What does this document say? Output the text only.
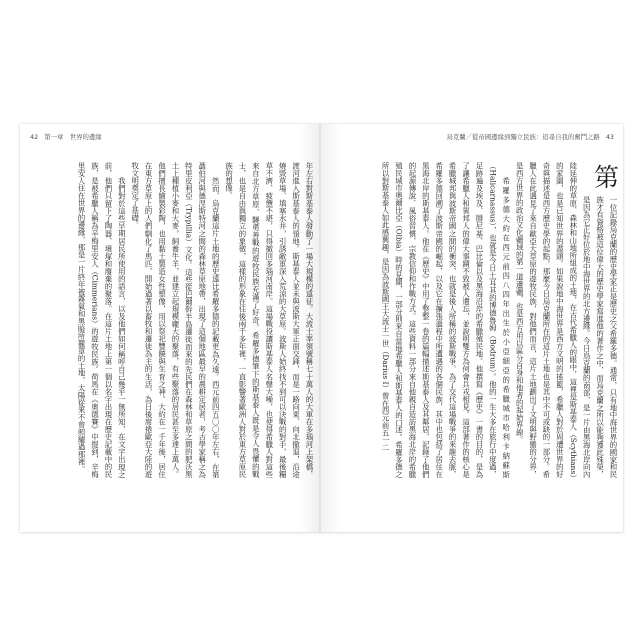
42 第一章　世界的邊緣	烏克蘭／從帝國邊緣到獨立民族：追尋自我的奮鬥之路 43

第
一位記錄烏克蘭的歷史學家正是歷史之父希羅多德。通常，只有地中海世界的國家和民族才有資格被這位偉大的歷史學家寫進他的著作之中，而烏克蘭之所以能夠獲此殊榮，是因為它正好位於地中海世界的北方邊緣。今日烏克蘭的南部，是一片由黑海北岸向內陸延伸的草原、森林和山地所組成的土地，在古代希臘人的眼中，這裡是斯基泰人（Scythians）的家園，也是已知世界的盡頭。如果說地中海世界是西方文明的搖籃，希臘人對於周遭世界的好奇與描述是西方歷史學的起點，那麼今日烏克蘭所在的這片土地也是其中不可或缺的一部分。希臘人在此遇見了來自歐亞大草原的遊牧民族，對他們而言，這片土地劃出了文明與野蠻的分界，是西方世界的政治文化疆域的第一道邊疆，也是西方用以區分自身和他者的起始界線。

希羅多德大約在西元前四八四年出生於小亞細亞的希臘城市哈利卡納蘇斯（Halicarnassus），也就是今日土耳其的博德魯姆（Bodrum）。他的一生大多在旅行中度過，足跡遍及埃及、腓尼基、巴比倫以及黑海沿岸的希臘殖民地。他撰寫《歷史》一書的目的，是為了讓希臘人和異邦人的偉大事蹟不致被人遺忘，並說明雙方為何會兵戎相見。這部著作的核心是希臘城邦與波斯帝國之間的衝突，也就是後人所稱的波斯戰爭。為了交代這場戰爭的來龍去脈，希羅多德回溯了波斯帝國的崛起，以及它在擴張過程中所遭遇的各個民族，其中也包括了居住在黑海北岸的斯基泰人。他在《歷史》中用了整整一卷的篇幅描述斯基泰人及其鄰居，記錄了他們的起源傳說、風俗習慣、宗教信仰和作戰方式。這些資料一部分來自他親自造訪黑海北岸的希臘殖民城市奧爾比亞（Olbia）時的見聞，一部分則來自當地希臘人和斯基泰人的口述。希羅多德之所以對斯基泰人如此感興趣，是因為波斯國王大流士一世（Darius I）曾在西元前五一二

年左右對斯基泰人發動了一場大規模的遠征。大流士率領號稱七十萬人的大軍在多瑙河上架橋，渡河進入斯基泰人的領地。斯基泰人並未與波斯大軍正面交鋒，而是一路向東、向北撤退，沿途燒毀草場、填塞水井，引誘敵軍深入荒涼的大草原。波斯人始終找不到可以決戰的對手，最後糧草不濟、疲憊不堪，只得撤回多瑙河南岸。這場戰役讓斯基泰人名聲大噪，也使得希臘人對這些來自北方草原、驍勇善戰的遊牧民族充滿了好奇。希羅多德筆下的斯基泰人既是令人畏懼的戰士，也是自由與獨立的象徵，這樣的形象在往後兩千多年裡，一直影響著歐洲人對於東方草原民族的想像。

然而，烏克蘭這片土地的歷史遠比希羅多德的記載更為久遠。西元前四五〇〇年左右，在第聶伯河與德涅斯特河之間的森林草原地帶，出現了這個地區最早的農耕定居者，考古學家稱之為特里皮利亞（Trypillia）文化。這些從巴爾幹半島遷徙而來的先民們在森林和草原之間的肥沃黑土上種植小麥和大麥，飼養牛羊，並建立起規模龐大的聚落，有些聚落的居民甚至多達上萬人。他們擅長繪製彩陶，也用黏土製造女性塑像，用以祭祀豐饒與生育之神。大約在一千年後，居住在東方草原上的人們馴化了馬匹，開始過著以畜牧和遷徙為主的生活，為日後席捲歐亞大陸的遊牧文明奠定了基礎。

我們對於這些早期居民所使用的語言，以及他們如何稱呼自己幾乎一無所知，在文字出現之前，他們只留下了陶器、墳塚和廢棄的聚落。在這片土地上第一個以名字出現在歷史記載中的民族，是被希臘人稱為辛梅里安人（Cimmerians）的遊牧民族。荷馬在《奧德賽》中提到，辛梅里安人住在世界的邊緣，那是一片終年被霧氣和黑暗所籠罩的土地，太陽從來不曾照耀過那裡。
